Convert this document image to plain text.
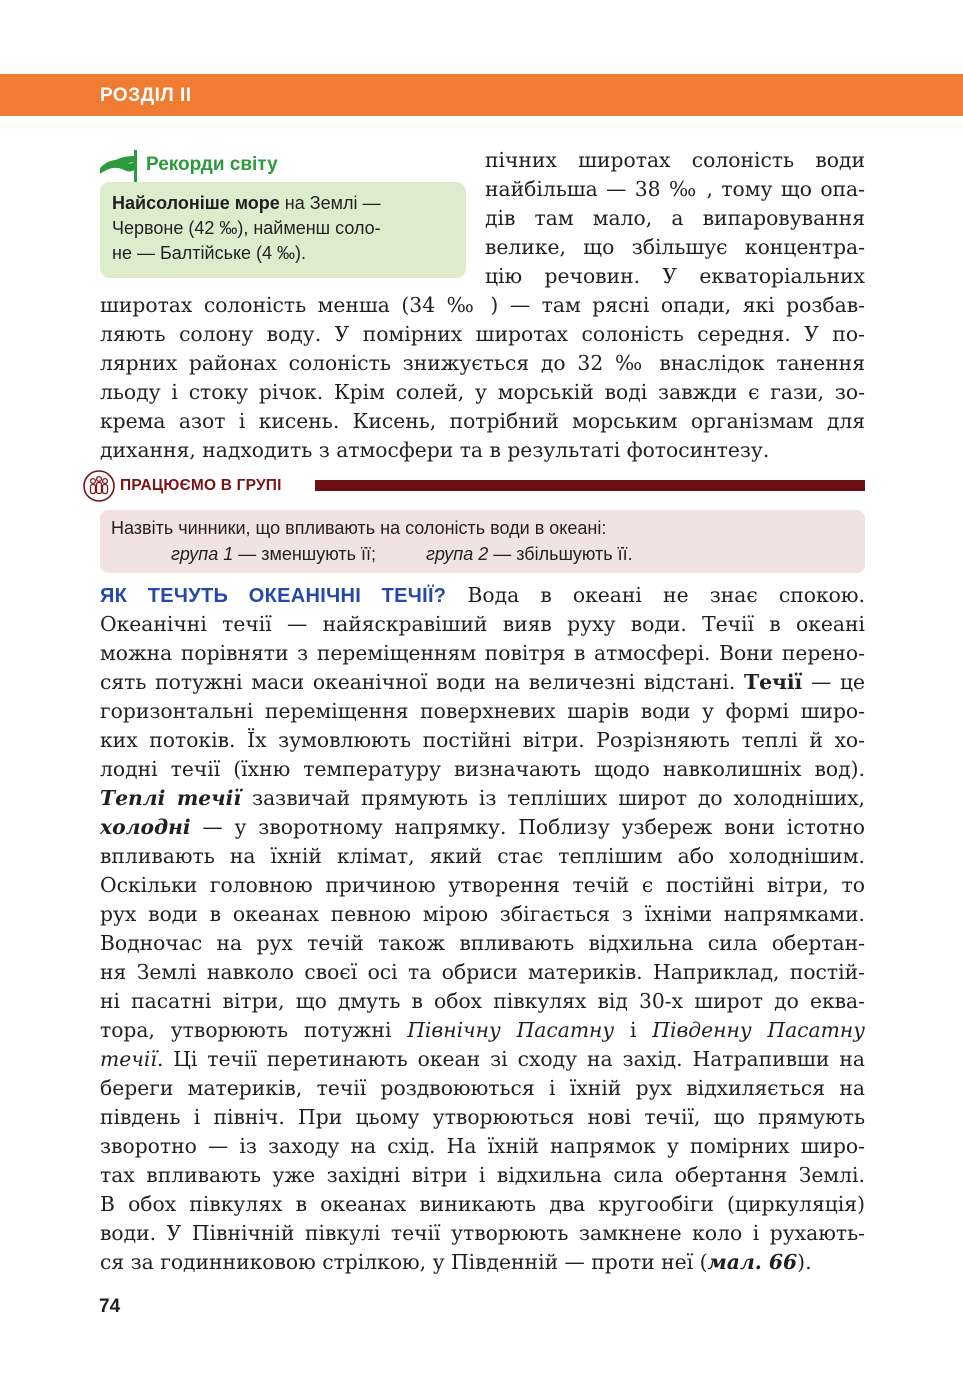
РОЗДІЛ II
Рекорди світу
Найсолоніше море на Землі —
Червоне (42 ‰), найменш соло-
не — Балтійське (4 ‰).
пічних широтах солоність води
найбільша — 38 ‰ , тому що опа-
дів там мало, а випаровування
велике, що збільшує концентра-
цію речовин. У екваторіальних
широтах солоність менша (34 ‰ ) — там рясні опади, які розбав-
ляють солону воду. У помірних широтах солоність середня. У по-
лярних районах солоність знижується до 32 ‰ внаслідок танення
льоду і стоку річок. Крім солей, у морській воді завжди є гази, зо-
крема азот і кисень. Кисень, потрібний морським організмам для
дихання, надходить з атмосфери та в результаті фотосинтезу.
ПРАЦЮЄМО В ГРУПІ
Назвіть чинники, що впливають на солоність води в океані:
група 1 — зменшують її;	група 2 — збільшують її.
ЯК ТЕЧУТЬ ОКЕАНІЧНІ ТЕЧІЇ? Вода в океані не знає спокою.
Океанічні течії — найяскравіший вияв руху води. Течії в океані
можна порівняти з переміщенням повітря в атмосфері. Вони перено-
сять потужні маси океанічної води на величезні відстані. Течії — це
горизонтальні переміщення поверхневих шарів води у формі широ-
ких потоків. Їх зумовлюють постійні вітри. Розрізняють теплі й хо-
лодні течії (їхню температуру визначають щодо навколишніх вод).
Теплі течії зазвичай прямують із тепліших широт до холодніших,
холодні — у зворотному напрямку. Поблизу узбереж вони істотно
впливають на їхній клімат, який стає теплішим або холоднішим.
Оскільки головною причиною утворення течій є постійні вітри, то
рух води в океанах певною мірою збігається з їхніми напрямками.
Водночас на рух течій також впливають відхильна сила обертан-
ня Землі навколо своєї осі та обриси материків. Наприклад, постій-
ні пасатні вітри, що дмуть в обох півкулях від 30-х широт до еква-
тора, утворюють потужні Північну Пасатну і Південну Пасатну
течії. Ці течії перетинають океан зі сходу на захід. Натрапивши на
береги материків, течії роздвоюються і їхній рух відхиляється на
південь і північ. При цьому утворюються нові течії, що прямують
зворотно — із заходу на схід. На їхній напрямок у помірних широ-
тах впливають уже західні вітри і відхильна сила обертання Землі.
В обох півкулях в океанах виникають два кругообіги (циркуляція)
води. У Північній півкулі течії утворюють замкнене коло і рухають-
ся за годинниковою стрілкою, у Південній — проти неї (мал. 66).
74
